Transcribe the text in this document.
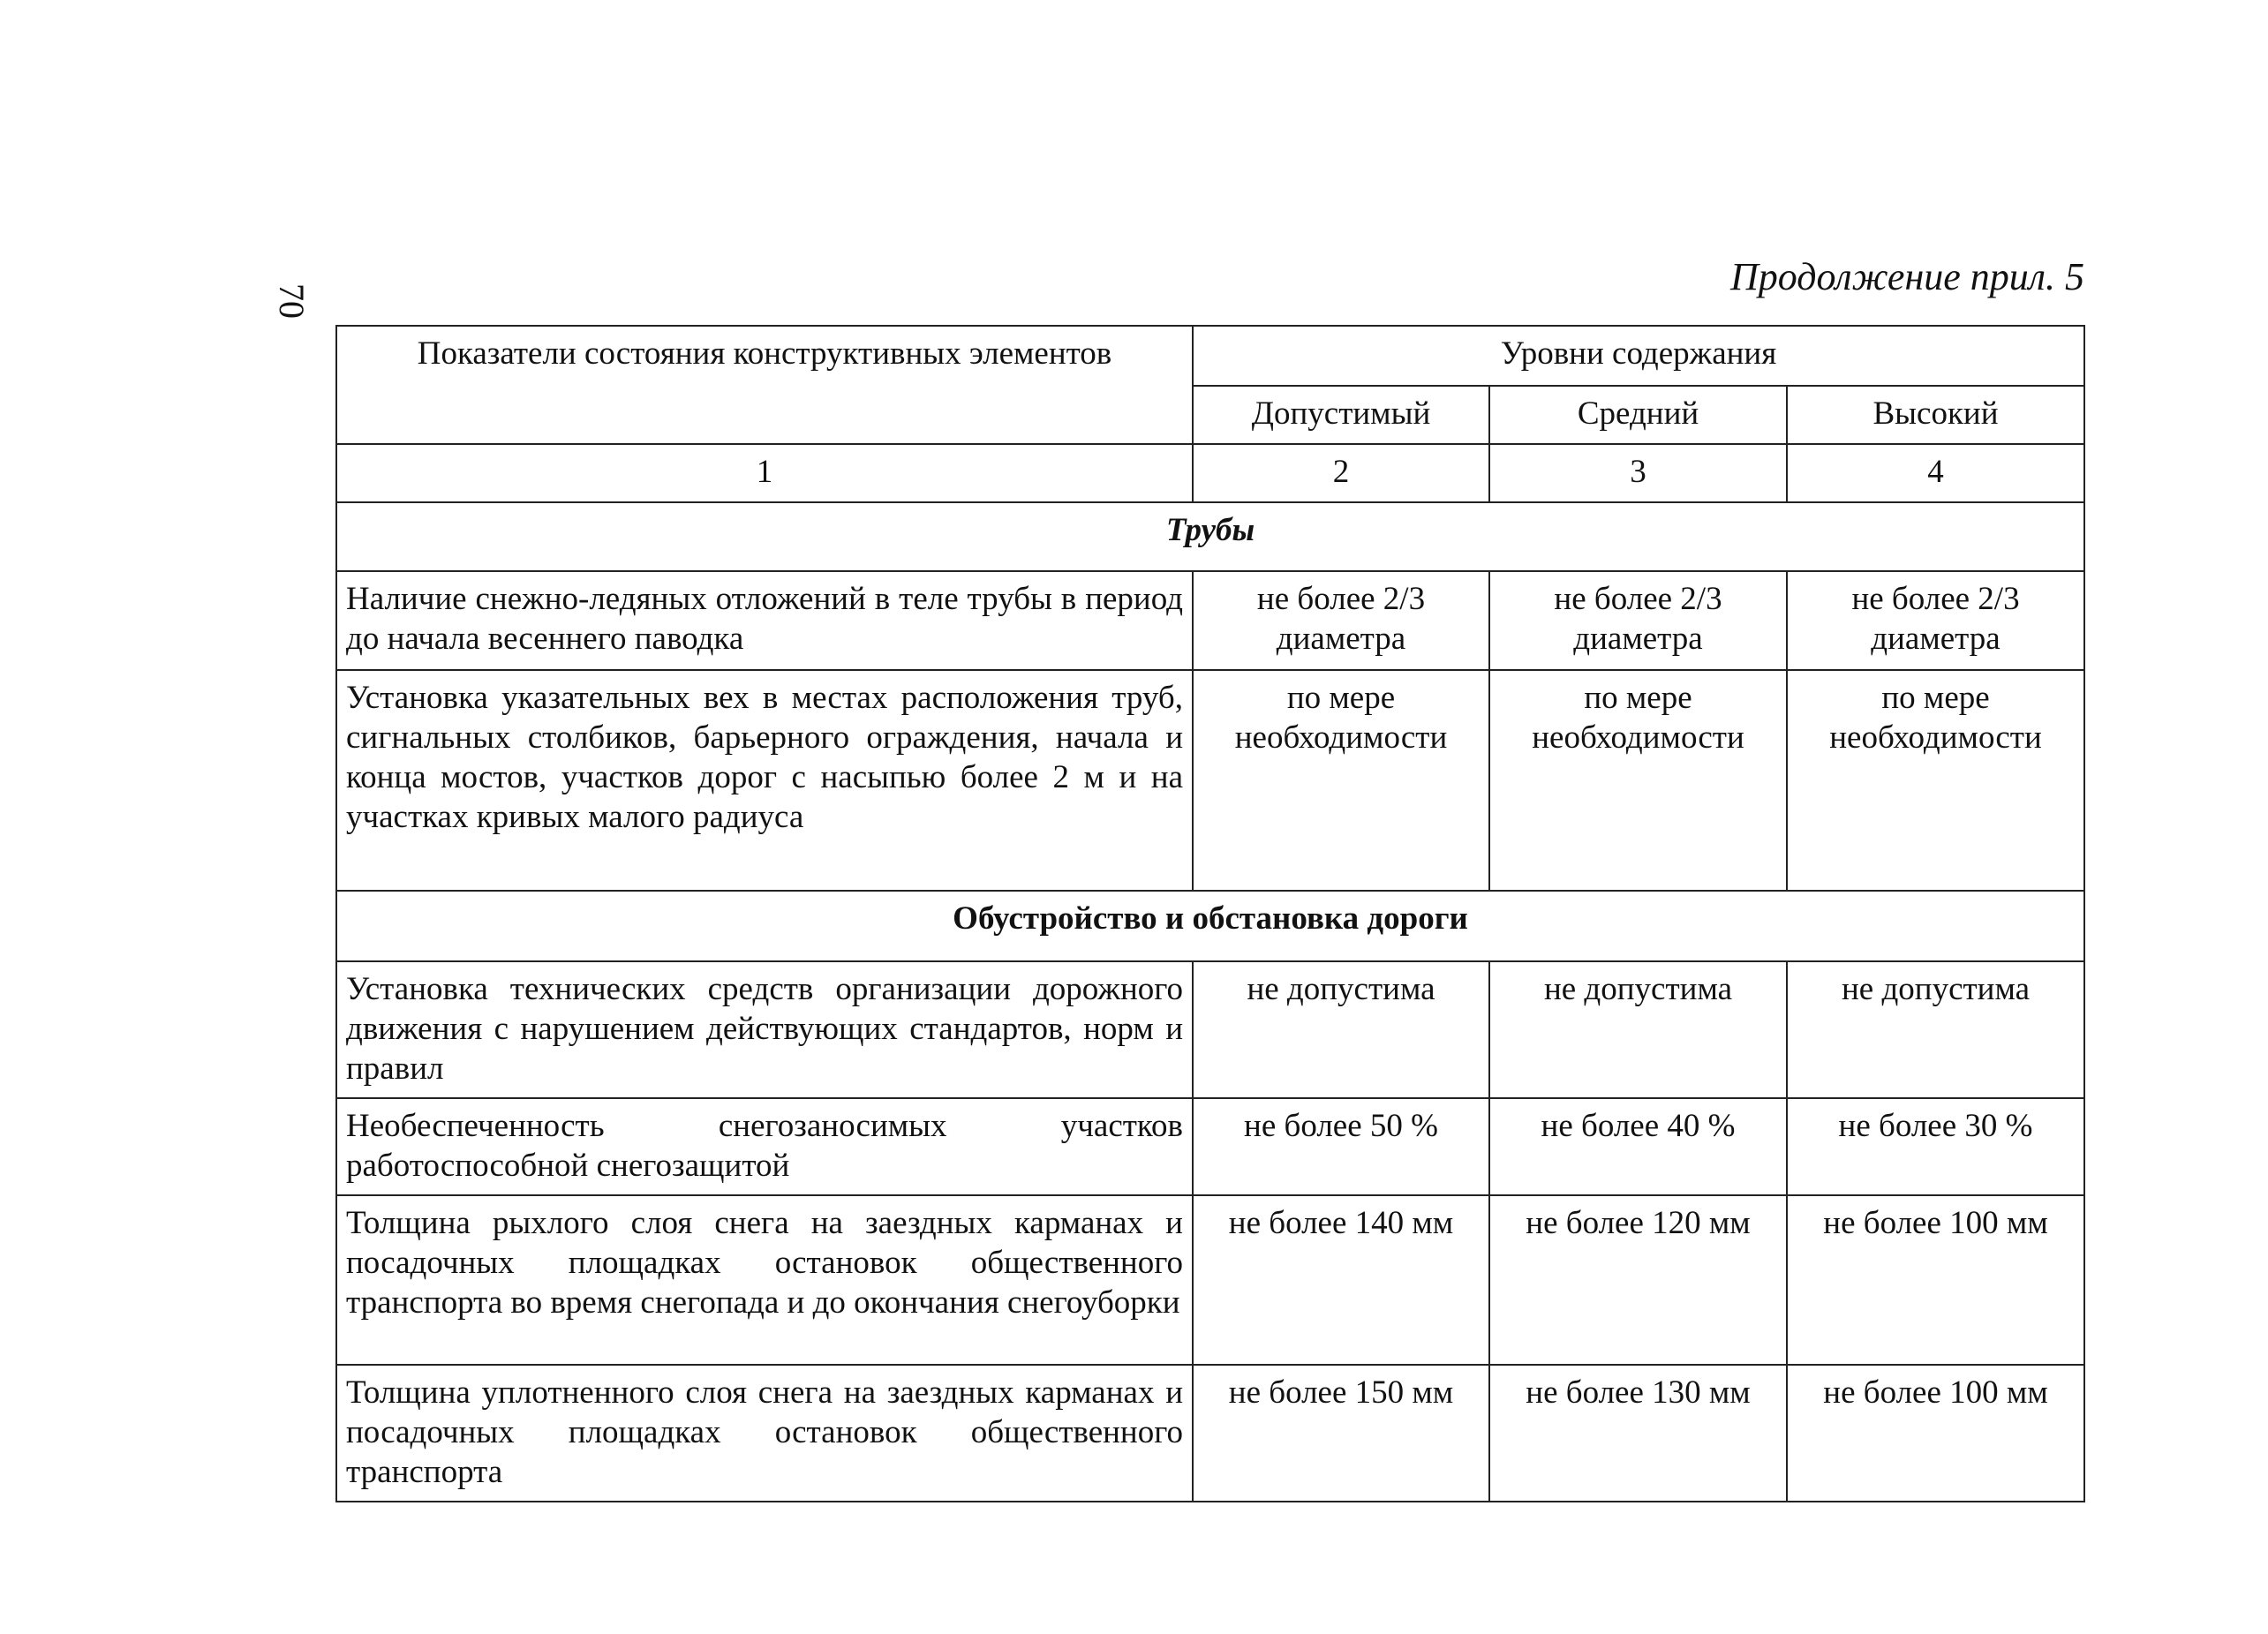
70
Продолжение прил. 5
Показатели состояния конструктивных элементов	Уровни содержания		
	Допустимый	Средний	Высокий
1	2	3	4
Трубы			
Наличие снежно-ледяных отложений в теле трубы в период до начала весеннего паводка	не более 2/3 диаметра	не более 2/3 диаметра	не более 2/3 диаметра
Установка указательных вех в местах расположения труб, сигнальных столбиков, барьерного ограждения, начала и конца мостов, участков дорог с насыпью более 2 м и на участках кривых малого радиуса	по мере необходимости	по мере необходимости	по мере необходимости
Обустройство и обстановка дороги			
Установка технических средств организации дорожного движения с нарушением действующих стандартов, норм и правил	не допустима	не допустима	не допустима
Необеспеченность снегозаносимых участков работоспособной снегозащитой	не более 50 %	не более 40 %	не более 30 %
Толщина рыхлого слоя снега на заездных карманах и посадочных площадках остановок общественного транспорта во время снегопада и до окончания снегоуборки	не более 140 мм	не более 120 мм	не более 100 мм
Толщина уплотненного слоя снега на заездных карманах и посадочных площадках остановок общественного транспорта	не более 150 мм	не более 130 мм	не более 100 мм
